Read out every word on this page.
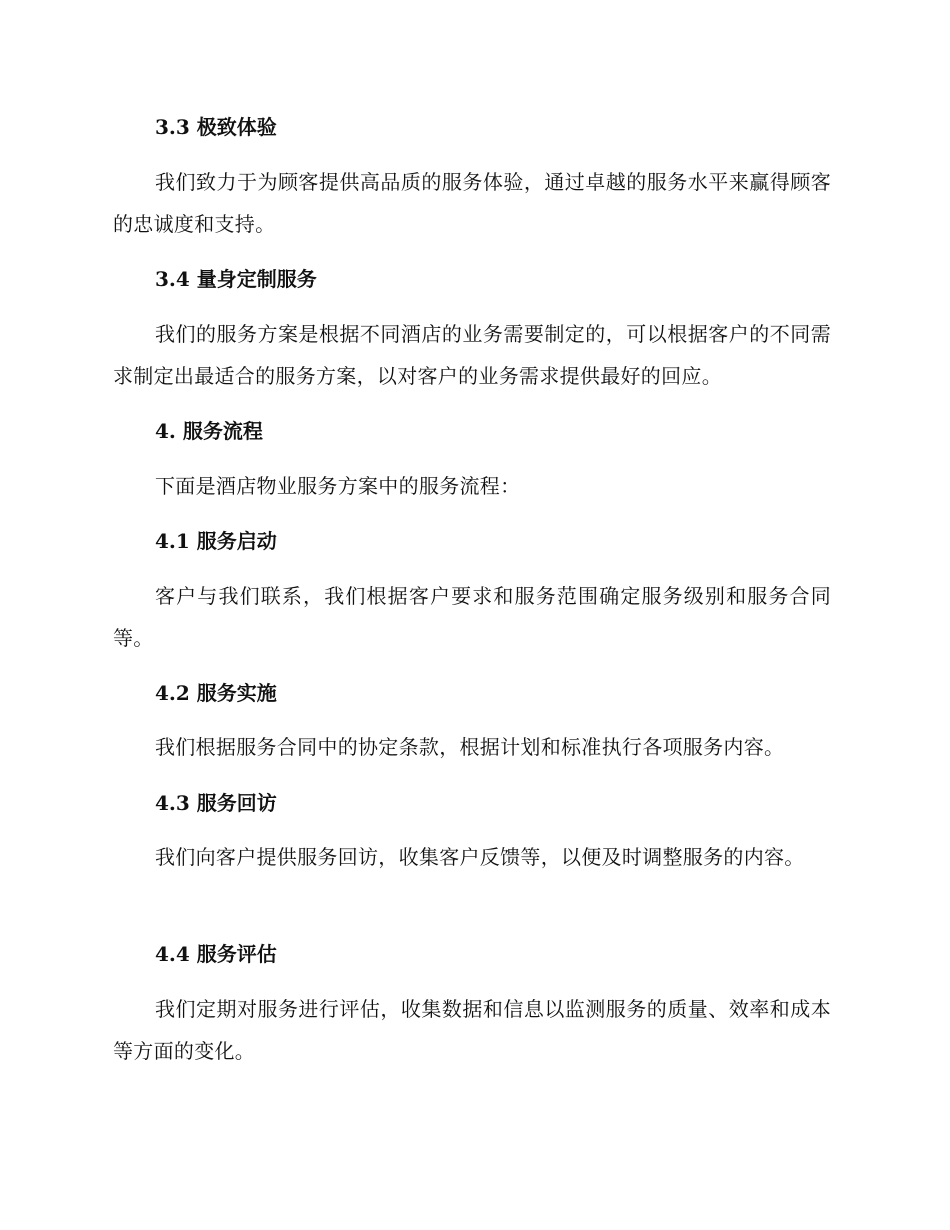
3.3 极致体验

我们致力于为顾客提供高品质的服务体验，通过卓越的服务水平来赢得顾客的忠诚度和支持。

3.4 量身定制服务

我们的服务方案是根据不同酒店的业务需要制定的，可以根据客户的不同需求制定出最适合的服务方案，以对客户的业务需求提供最好的回应。

4. 服务流程

下面是酒店物业服务方案中的服务流程：

4.1 服务启动

客户与我们联系，我们根据客户要求和服务范围确定服务级别和服务合同等。

4.2 服务实施

我们根据服务合同中的协定条款，根据计划和标准执行各项服务内容。

4.3 服务回访

我们向客户提供服务回访，收集客户反馈等，以便及时调整服务的内容。

4.4 服务评估

我们定期对服务进行评估，收集数据和信息以监测服务的质量、效率和成本等方面的变化。
